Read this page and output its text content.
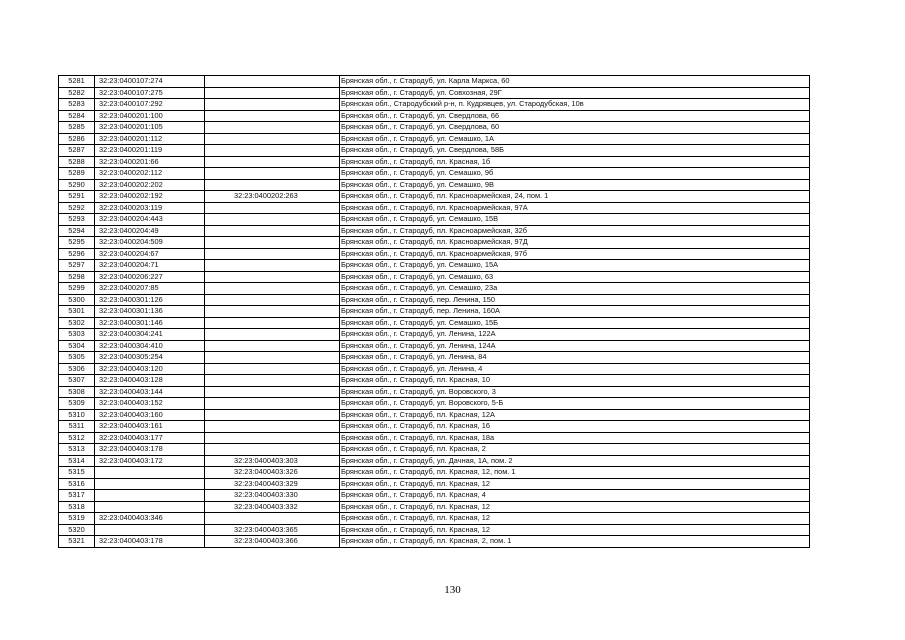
5281	32:23:0400107:274		Брянская обл., г. Стародуб, ул. Карла Маркса, 60
5282	32:23:0400107:275		Брянская обл., г. Стародуб, ул. Совхозная, 29Г
5283	32:23:0400107:292		Брянская обл., Стародубский р-н, п. Кудрявцев, ул. Стародубская, 10в
5284	32:23:0400201:100		Брянская обл., г. Стародуб, ул. Свердлова, 66
5285	32:23:0400201:105		Брянская обл., г. Стародуб, ул. Свердлова, 60
5286	32:23:0400201:112		Брянская обл., г. Стародуб, ул. Семашко, 1А
5287	32:23:0400201:119		Брянская обл., г. Стародуб, ул. Свердлова, 58Б
5288	32:23:0400201:66		Брянская обл., г. Стародуб, пл. Красная, 1б
5289	32:23:0400202:112		Брянская обл., г. Стародуб, ул. Семашко, 9б
5290	32:23:0400202:202		Брянская обл., г. Стародуб, ул. Семашко, 9В
5291	32:23:0400202:192	32:23:0400202:263	Брянская обл., г. Стародуб, пл. Красноармейская, 24, пом. 1
5292	32:23:0400203:119		Брянская обл., г. Стародуб, пл. Красноармейская, 97А
5293	32:23:0400204:443		Брянская обл., г. Стародуб, ул. Семашко, 15В
5294	32:23:0400204:49		Брянская обл., г. Стародуб, пл. Красноармейская, 32б
5295	32:23:0400204:509		Брянская обл., г. Стародуб, пл. Красноармейская, 97Д
5296	32:23:0400204:67		Брянская обл., г. Стародуб, пл. Красноармейская, 97б
5297	32:23:0400204:71		Брянская обл., г. Стародуб, ул. Семашко, 15А
5298	32:23:0400206:227		Брянская обл., г. Стародуб, ул. Семашко, 63
5299	32:23:0400207:85		Брянская обл., г. Стародуб, ул. Семашко, 23а
5300	32:23:0400301:126		Брянская обл., г. Стародуб, пер. Ленина, 150
5301	32:23:0400301:136		Брянская обл., г. Стародуб, пер. Ленина, 160А
5302	32:23:0400301:146		Брянская обл., г. Стародуб, ул. Семашко, 15Б
5303	32:23:0400304:241		Брянская обл., г. Стародуб, ул. Ленина, 122А
5304	32:23:0400304:410		Брянская обл., г. Стародуб, ул. Ленина, 124А
5305	32:23:0400305:254		Брянская обл., г. Стародуб, ул. Ленина, 84
5306	32:23:0400403:120		Брянская обл., г. Стародуб, ул. Ленина, 4
5307	32:23:0400403:128		Брянская обл., г. Стародуб, пл. Красная, 10
5308	32:23:0400403:144		Брянская обл., г. Стародуб, ул. Воровского, 3
5309	32:23:0400403:152		Брянская обл., г. Стародуб, ул. Воровского, 5-Б
5310	32:23:0400403:160		Брянская обл., г. Стародуб, пл. Красная, 12А
5311	32:23:0400403:161		Брянская обл., г. Стародуб, пл. Красная, 16
5312	32:23:0400403:177		Брянская обл., г. Стародуб, пл. Красная, 18а
5313	32:23:0400403:178		Брянская обл., г. Стародуб, пл. Красная, 2
5314	32:23:0400403:172	32:23:0400403:303	Брянская обл., г. Стародуб, ул. Дачная, 1А, пом. 2
5315		32:23:0400403:326	Брянская обл., г. Стародуб, пл. Красная, 12, пом. 1
5316		32:23:0400403:329	Брянская обл., г. Стародуб, пл. Красная, 12
5317		32:23:0400403:330	Брянская обл., г. Стародуб, пл. Красная, 4
5318		32:23:0400403:332	Брянская обл., г. Стародуб, пл. Красная, 12
5319	32:23:0400403:346		Брянская обл., г. Стародуб, пл. Красная, 12
5320		32:23:0400403:365	Брянская обл., г. Стародуб, пл. Красная, 12
5321	32:23:0400403:178	32:23:0400403:366	Брянская обл., г. Стародуб, пл. Красная, 2, пом. 1
130
